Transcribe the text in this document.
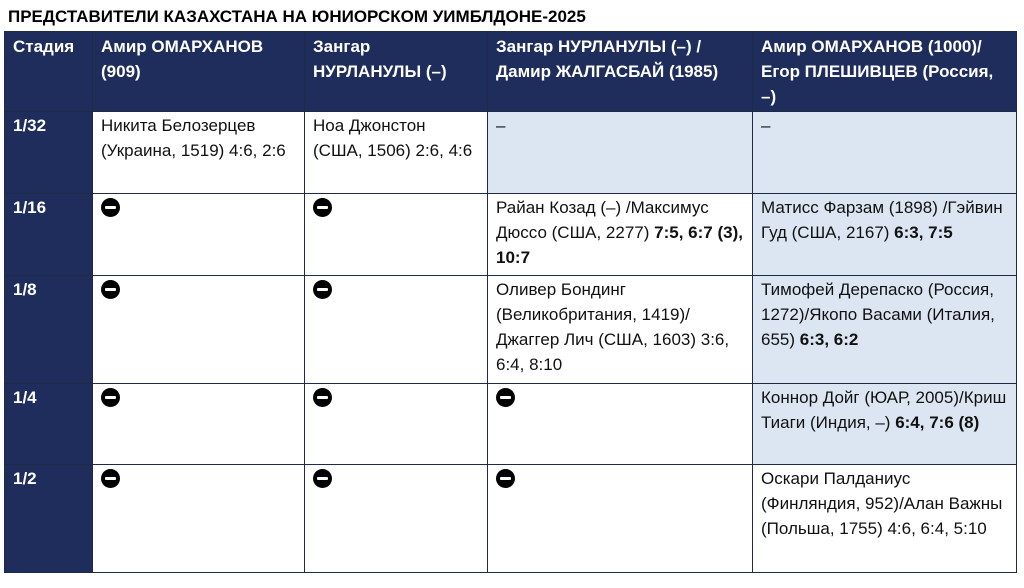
ПРЕДСТАВИТЕЛИ КАЗАХСТАНА НА ЮНИОРСКОМ УИМБЛДОНЕ-2025
Стадия	Амир ОМАРХАНОВ (909)	Зангар НУРЛАНУЛЫ (–)	Зангар НУРЛАНУЛЫ (–) /Дамир ЖАЛГАСБАЙ (1985)	Амир ОМАРХАНОВ (1000)/Егор ПЛЕШИВЦЕВ (Россия, –)
1/32	Никита Белозерцев (Украина, 1519) 4:6, 2:6	Ноа Джонстон (США, 1506) 2:6, 4:6	–	–
1/16			Райан Козад (–) /Максимус Дюссо (США, 2277) 7:5, 6:7 (3), 10:7	Матисс Фарзам (1898) /Гэйвин Гуд (США, 2167) 6:3, 7:5
1/8			Оливер Бондинг (Великобритания, 1419)/Джаггер Лич (США, 1603) 3:6, 6:4, 8:10	Тимофей Дерепаско (Россия, 1272)/Якопо Васами (Италия, 655) 6:3, 6:2
1/4				Коннор Дойг (ЮАР, 2005)/Криш Тиаги (Индия, –) 6:4, 7:6 (8)
1/2				Оскари Палданиус (Финляндия, 952)/Алан Важны (Польша, 1755) 4:6, 6:4, 5:10
